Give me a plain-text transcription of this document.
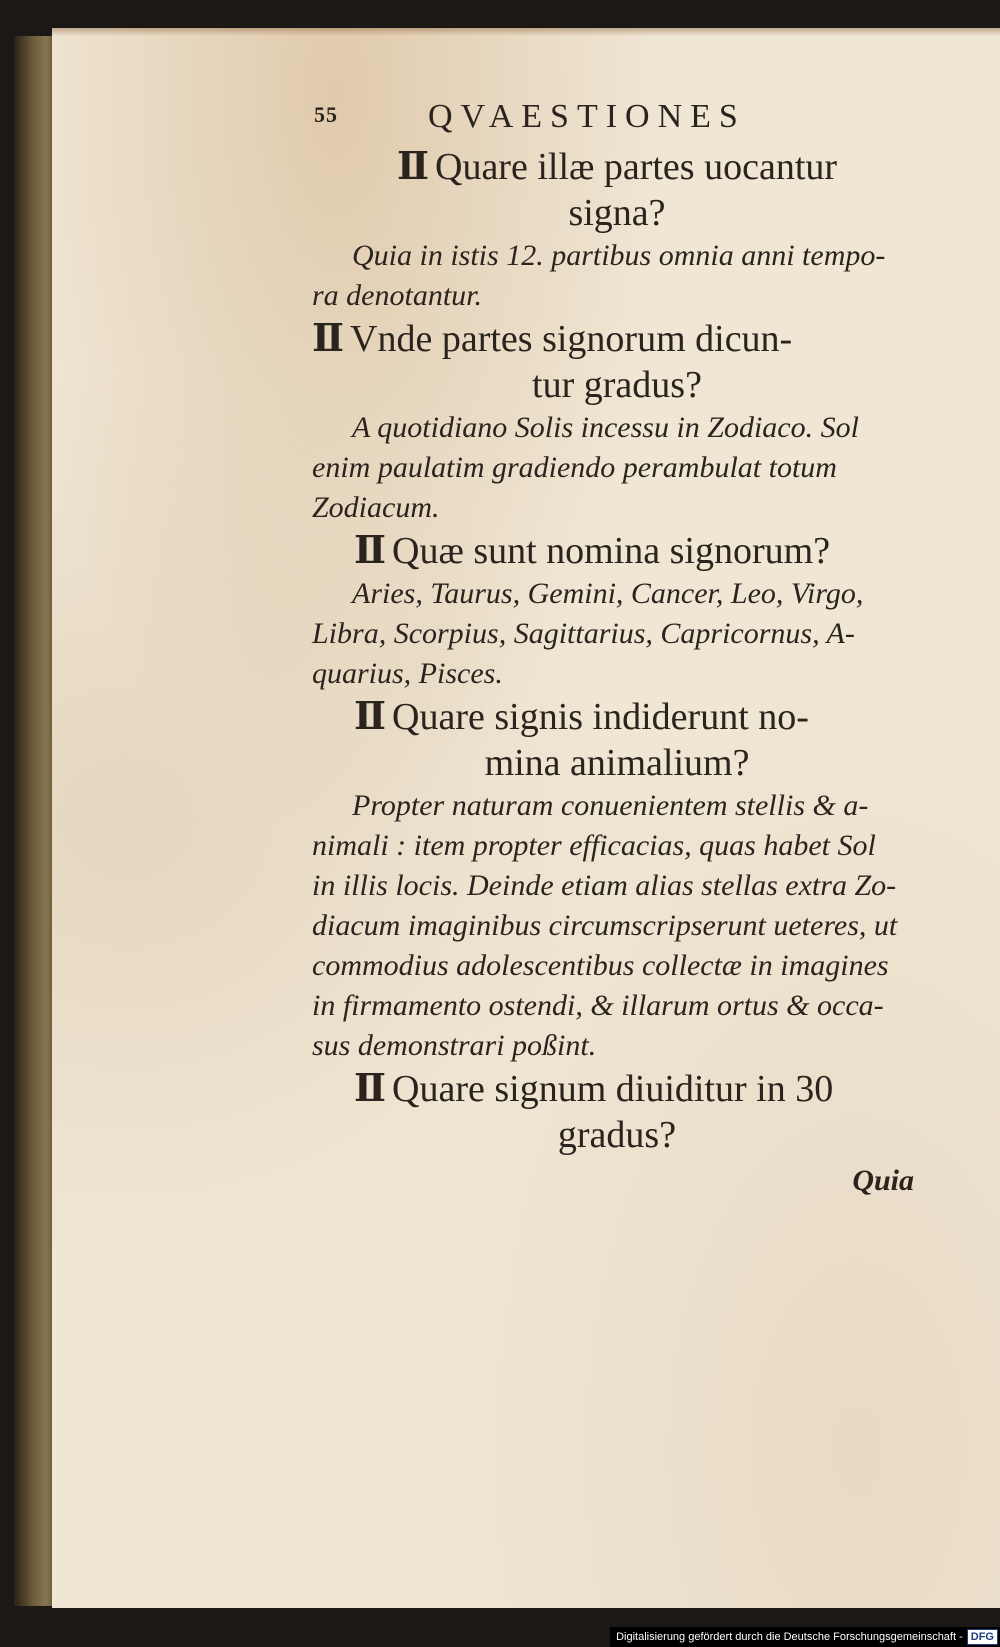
55	QVAESTIONES

Ⅱ Quare illæ partes uocantur

signa?

Quia in istis 12. partibus omnia anni tempo-
ra denotantur.

Ⅱ Vnde partes signorum dicun-

tur gradus?

A quotidiano Solis incessu in Zodiaco. Sol
enim paulatim gradiendo perambulat totum
Zodiacum.

Ⅱ Quæ sunt nomina signorum?

Aries, Taurus, Gemini, Cancer, Leo, Virgo,
Libra, Scorpius, Sagittarius, Capricornus, A-
quarius, Pisces.

Ⅱ Quare signis indiderunt no-

mina animalium?

Propter naturam conuenientem stellis & a-
nimali : item propter efficacias, quas habet Sol
in illis locis. Deinde etiam alias stellas extra Zo-
diacum imaginibus circumscripserunt ueteres, ut
commodius adolescentibus collectæ in imagines
in firmamento ostendi, & illarum ortus & occa-
sus demonstrari poßint.

Ⅱ Quare signum diuiditur in 30

gradus?

Quia
Digitalisierung gefördert durch die Deutsche Forschungsgemeinschaft - DFG
